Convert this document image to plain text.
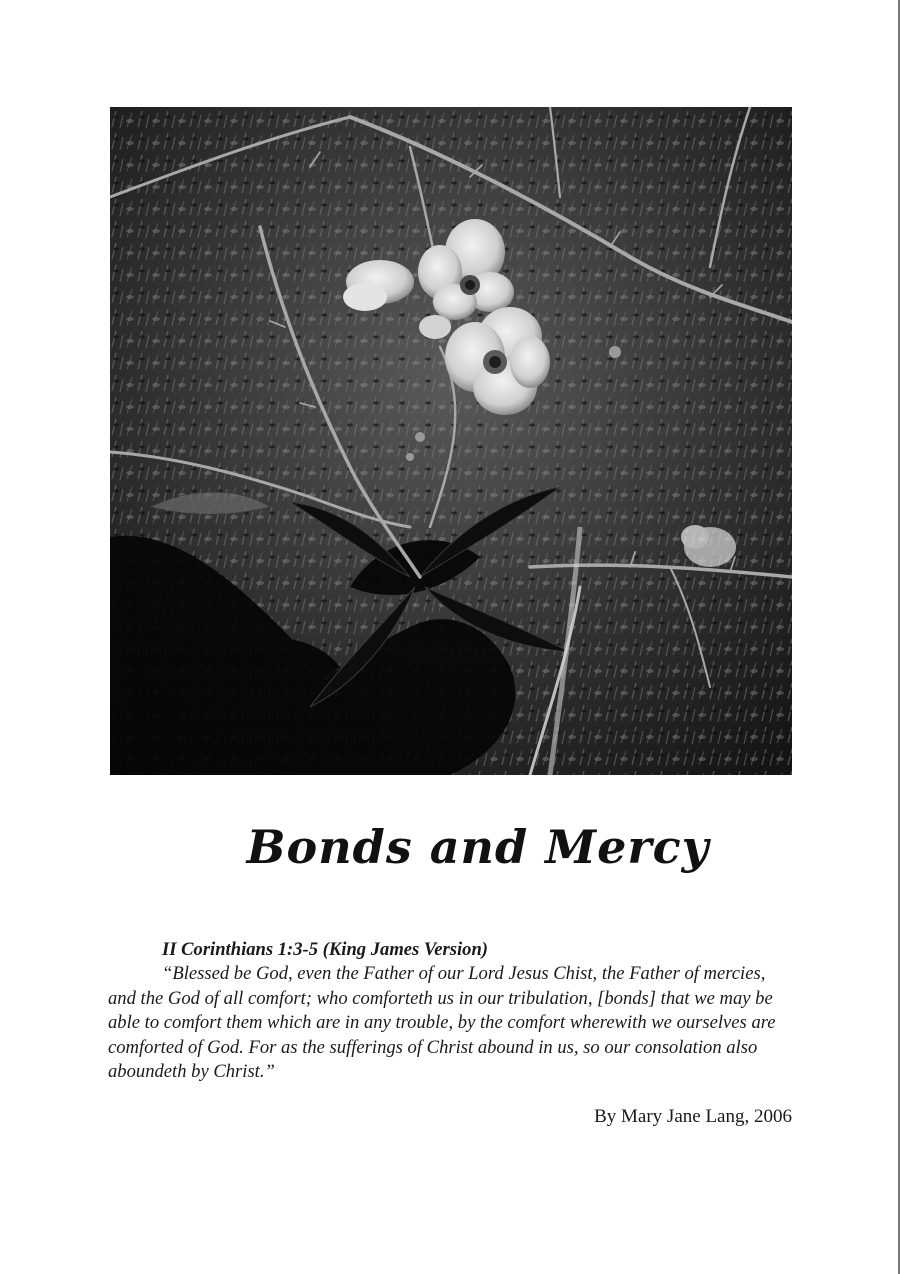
Bonds and Mercy

II Corinthians 1:3-5 (King James Version)

“Blessed be God, even the Father of our Lord Jesus Chist, the Father of mercies, and the God of all comfort; who comforteth us in our tribulation, [bonds] that we may be able to comfort them which are in any trouble, by the comfort wherewith we ourselves are comforted of God. For as the sufferings of Christ abound in us, so our consolation also aboundeth by Christ.”

By Mary Jane Lang, 2006
